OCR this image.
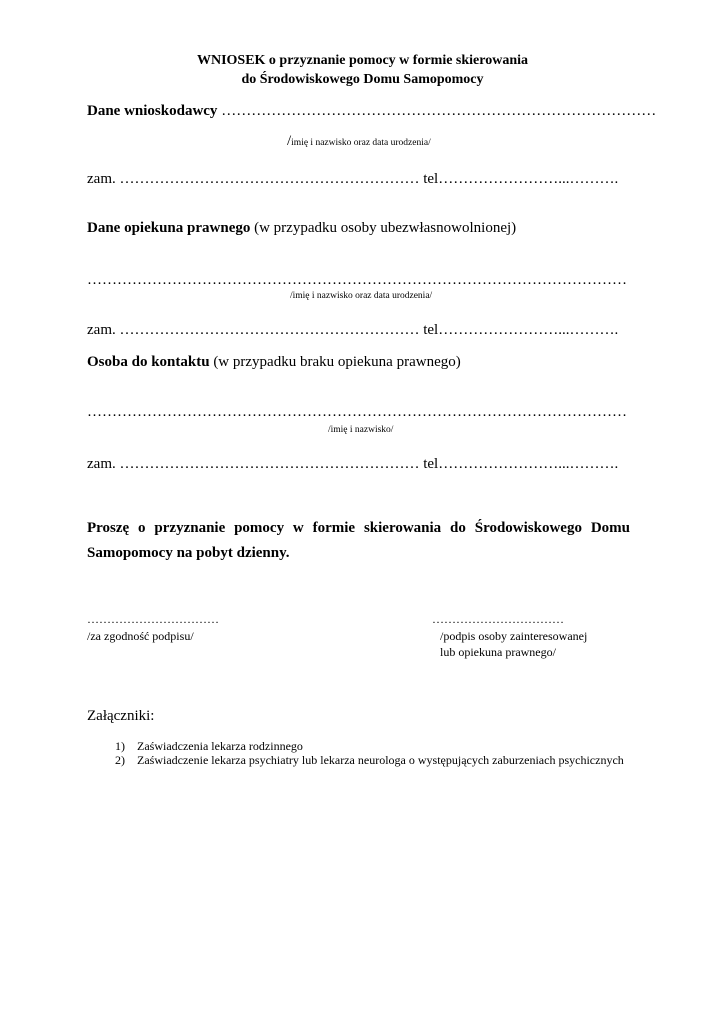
WNIOSEK o przyznanie pomocy w formie skierowania
do Środowiskowego Domu Samopomocy
Dane wnioskodawcy ……………………………………………………………………………
/imię i nazwisko oraz data urodzenia/
zam. …………………………………………………… tel……………………...……….
Dane opiekuna prawnego (w przypadku osoby ubezwłasnowolnionej)
………………………………………………………………………………………………
/imię i nazwisko oraz data urodzenia/
zam. …………………………………………………… tel……………………...……….
Osoba do kontaktu (w przypadku braku opiekuna prawnego)
………………………………………………………………………………………………
/imię i nazwisko/
zam. …………………………………………………… tel……………………...……….
Proszę o przyznanie pomocy w formie skierowania do Środowiskowego Domu Samopomocy na pobyt dzienny.
……………………………
/za zgodność podpisu/
……………………………
/podpis osoby zainteresowanej
lub opiekuna prawnego/
Załączniki:
1) Zaświadczenia lekarza rodzinnego
2) Zaświadczenie lekarza psychiatry lub lekarza neurologa o występujących zaburzeniach psychicznych
